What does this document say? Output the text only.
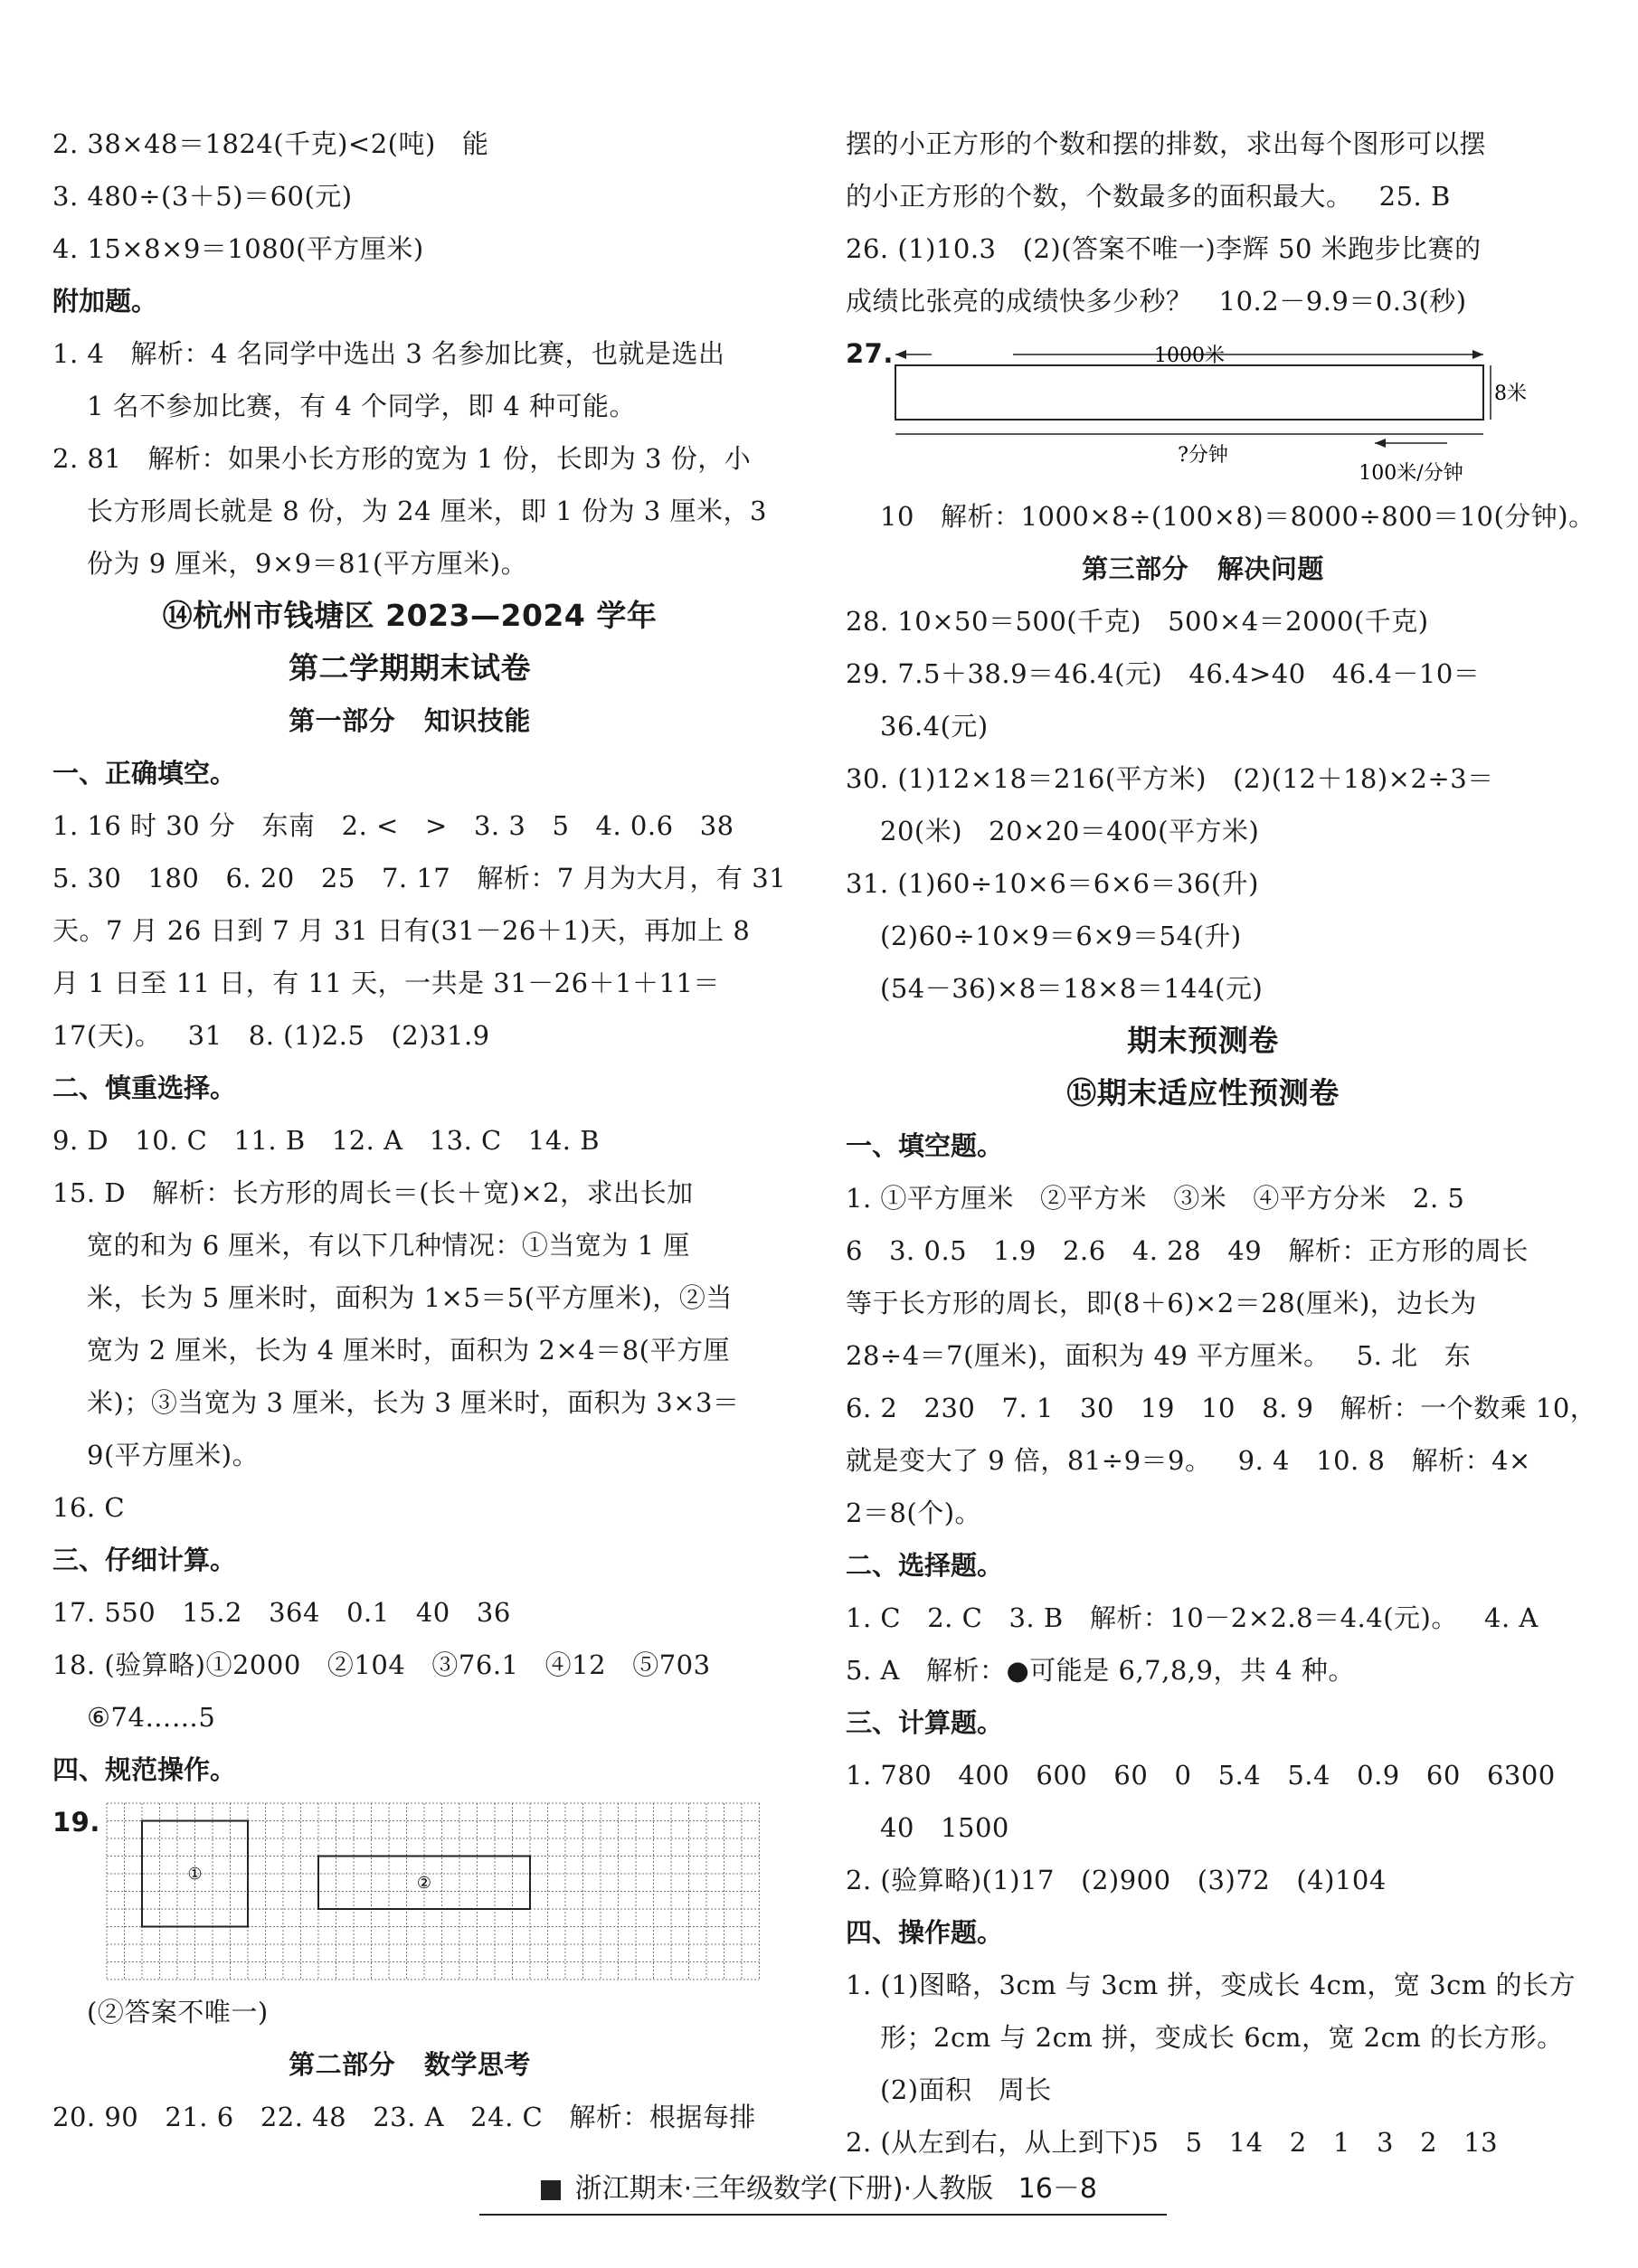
2. 38×48＝1824(千克)<2(吨)   能
3. 480÷(3＋5)＝60(元)
4. 15×8×9＝1080(平方厘米)
附加题。
1. 4   解析：4 名同学中选出 3 名参加比赛，也就是选出
1 名不参加比赛，有 4 个同学，即 4 种可能。
2. 81   解析：如果小长方形的宽为 1 份，长即为 3 份，小
长方形周长就是 8 份，为 24 厘米，即 1 份为 3 厘米，3
份为 9 厘米，9×9＝81(平方厘米)。
⑭杭州市钱塘区 2023—2024 学年
第二学期期末试卷
第一部分   知识技能
一、正确填空。
1. 16 时 30 分   东南   2. <   >   3. 3   5   4. 0.6   38
5. 30   180   6. 20   25   7. 17   解析：7 月为大月，有 31
天。7 月 26 日到 7 月 31 日有(31－26＋1)天，再加上 8
月 1 日至 11 日，有 11 天，一共是 31－26＋1＋11＝
17(天)。   31   8. (1)2.5   (2)31.9
二、慎重选择。
9. D   10. C   11. B   12. A   13. C   14. B
15. D   解析：长方形的周长＝(长＋宽)×2，求出长加
宽的和为 6 厘米，有以下几种情况：①当宽为 1 厘
米，长为 5 厘米时，面积为 1×5＝5(平方厘米)，②当
宽为 2 厘米，长为 4 厘米时，面积为 2×4＝8(平方厘
米)；③当宽为 3 厘米，长为 3 厘米时，面积为 3×3＝
9(平方厘米)。
16. C
三、仔细计算。
17. 550   15.2   364   0.1   40   36
18. (验算略)①2000   ②104   ③76.1   ④12   ⑤703
⑥74……5
四、规范操作。
①	②
19.
(②答案不唯一)
第二部分   数学思考
20. 90   21. 6   22. 48   23. A   24. C   解析：根据每排
摆的小正方形的个数和摆的排数，求出每个图形可以摆
的小正方形的个数，个数最多的面积最大。   25. B
26. (1)10.3   (2)(答案不唯一)李辉 50 米跑步比赛的
成绩比张亮的成绩快多少秒？   10.2－9.9＝0.3(秒)
1000米
8米
?分钟
100米/分钟
27.
10   解析：1000×8÷(100×8)＝8000÷800＝10(分钟)。
第三部分   解决问题
28. 10×50＝500(千克)   500×4＝2000(千克)
29. 7.5＋38.9＝46.4(元)   46.4>40   46.4－10＝
36.4(元)
30. (1)12×18＝216(平方米)   (2)(12＋18)×2÷3＝
20(米)   20×20＝400(平方米)
31. (1)60÷10×6＝6×6＝36(升)
(2)60÷10×9＝6×9＝54(升)
(54－36)×8＝18×8＝144(元)
期末预测卷
⑮期末适应性预测卷
一、填空题。
1. ①平方厘米   ②平方米   ③米   ④平方分米   2. 5
6   3. 0.5   1.9   2.6   4. 28   49   解析：正方形的周长
等于长方形的周长，即(8＋6)×2＝28(厘米)，边长为
28÷4＝7(厘米)，面积为 49 平方厘米。   5. 北   东
6. 2   230   7. 1   30   19   10   8. 9   解析：一个数乘 10，
就是变大了 9 倍，81÷9＝9。   9. 4   10. 8   解析：4×
2＝8(个)。
二、选择题。
1. C   2. C   3. B   解析：10－2×2.8＝4.4(元)。   4. A
5. A   解析：●可能是 6,7,8,9，共 4 种。
三、计算题。
1. 780   400   600   60   0   5.4   5.4   0.9   60   6300
40   1500
2. (验算略)(1)17   (2)900   (3)72   (4)104
四、操作题。
1. (1)图略，3cm 与 3cm 拼，变成长 4cm，宽 3cm 的长方
形；2cm 与 2cm 拼，变成长 6cm，宽 2cm 的长方形。
(2)面积   周长
2. (从左到右，从上到下)5   5   14   2   1   3   2   13
浙江期末·三年级数学(下册)·人教版 16－8
